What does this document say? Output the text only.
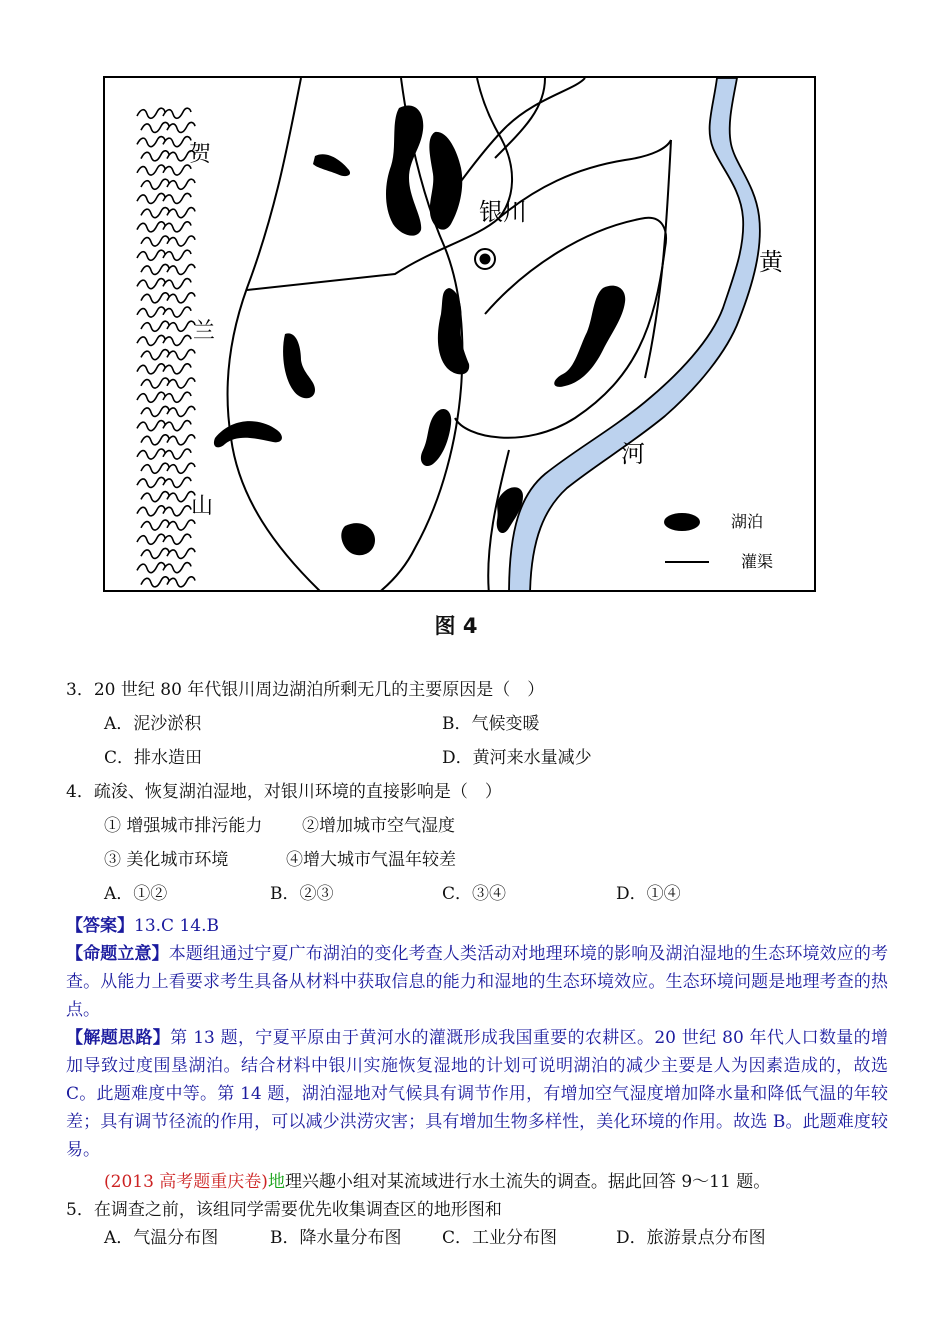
贺
兰
山
银川
黄
河
湖泊
灌渠
图 4
3．20 世纪 80 年代银川周边湖泊所剩无几的主要原因是（　）
A．泥沙淤积	B．气候变暖
C．排水造田	D．黄河来水量减少
4．疏浚、恢复湖泊湿地，对银川环境的直接影响是（　）
① 增强城市排污能力 ②增加城市空气湿度
③ 美化城市环境	④增大城市气温年较差
A．①②	B．②③	C．③④	D．①④
【答案】13.C 14.B
【命题立意】本题组通过宁夏广布湖泊的变化考查人类活动对地理环境的影响及湖泊湿地的生态环境效应的考查。从能力上看要求考生具备从材料中获取信息的能力和湿地的生态环境效应。生态环境问题是地理考查的热点。
【解题思路】第 13 题，宁夏平原由于黄河水的灌溉形成我国重要的农耕区。20 世纪 80 年代人口数量的增加导致过度围垦湖泊。结合材料中银川实施恢复湿地的计划可说明湖泊的减少主要是人为因素造成的，故选 C。此题难度中等。第 14 题，湖泊湿地对气候具有调节作用，有增加空气湿度增加降水量和降低气温的年较差；具有调节径流的作用，可以减少洪涝灾害；具有增加生物多样性，美化环境的作用。故选 B。此题难度较易。
(2013 高考题重庆卷)地理兴趣小组对某流域进行水土流失的调查。据此回答 9～11 题。
5．在调查之前，该组同学需要优先收集调查区的地形图和
A．气温分布图	B．降水量分布图 C．工业分布图	D．旅游景点分布图
